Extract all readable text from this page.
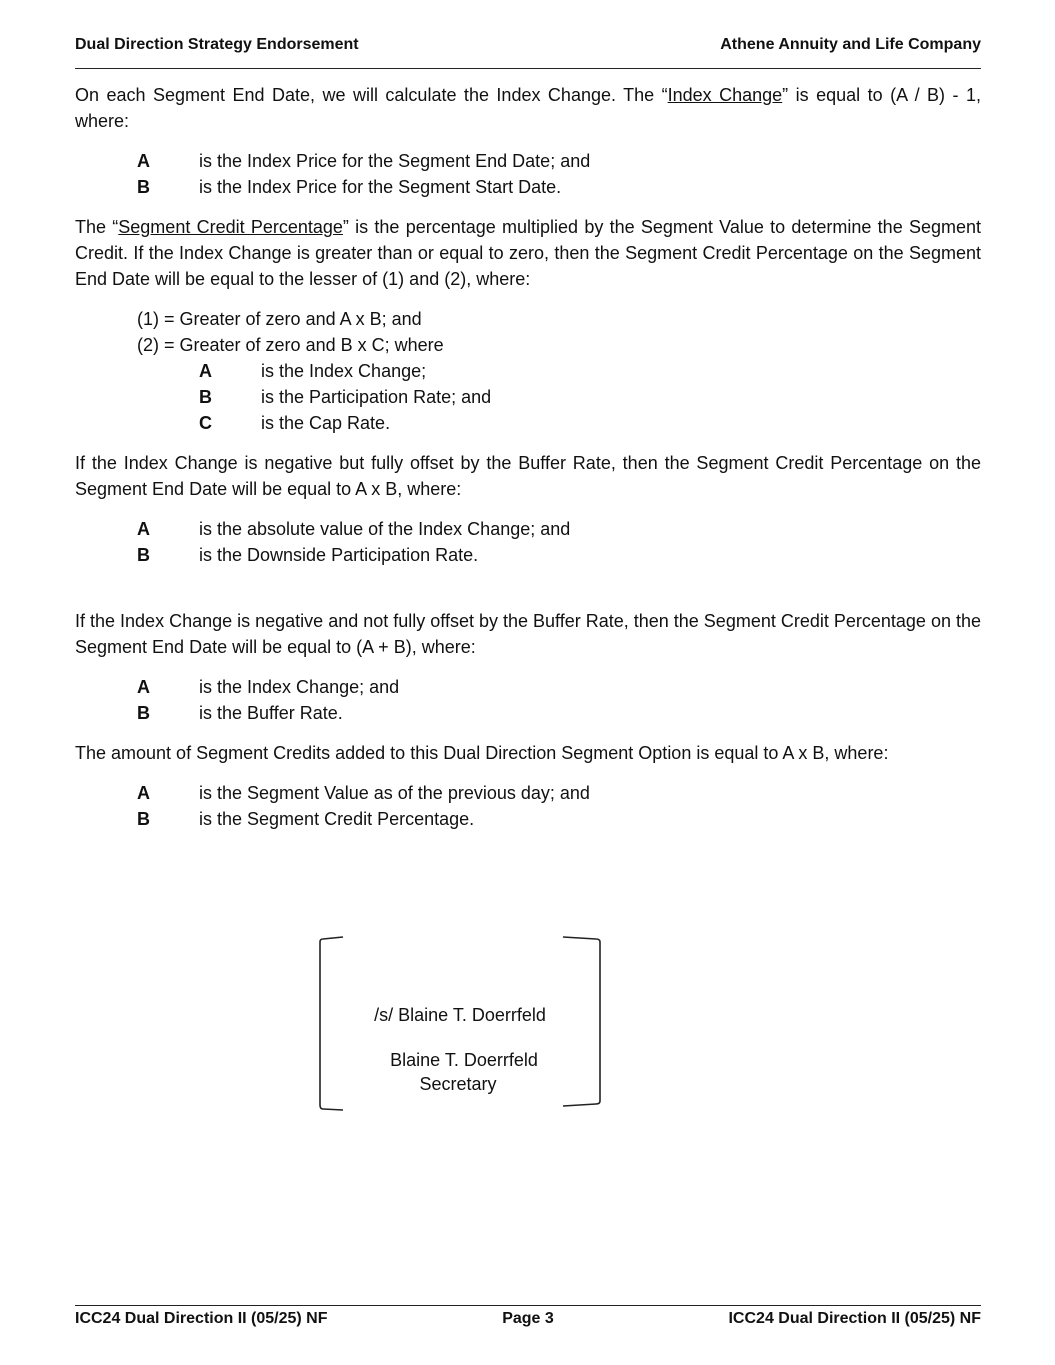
Dual Direction Strategy Endorsement	Athene Annuity and Life Company

On each Segment End Date, we will calculate the Index Change. The “Index Change” is equal to (A / B) - 1, where:

A	is the Index Price for the Segment End Date; and
B	is the Index Price for the Segment Start Date.

The “Segment Credit Percentage” is the percentage multiplied by the Segment Value to determine the Segment Credit. If the Index Change is greater than or equal to zero, then the Segment Credit Percentage on the Segment End Date will be equal to the lesser of (1) and (2), where:

(1) = Greater of zero and A x B; and
(2) = Greater of zero and B x C; where
A	is the Index Change;
B	is the Participation Rate; and
C	is the Cap Rate.

If the Index Change is negative but fully offset by the Buffer Rate, then the Segment Credit Percentage on the Segment End Date will be equal to A x B, where:

A	is the absolute value of the Index Change; and
B	is the Downside Participation Rate.

If the Index Change is negative and not fully offset by the Buffer Rate, then the Segment Credit Percentage on the Segment End Date will be equal to (A + B), where:

A	is the Index Change; and
B	is the Buffer Rate.

The amount of Segment Credits added to this Dual Direction Segment Option is equal to A x B, where:

A	is the Segment Value as of the previous day; and
B	is the Segment Credit Percentage.
/s/ Blaine T. Doerrfeld
Blaine T. Doerrfeld
Secretary
ICC24 Dual Direction II (05/25) NF	Page 3	ICC24 Dual Direction II (05/25) NF
